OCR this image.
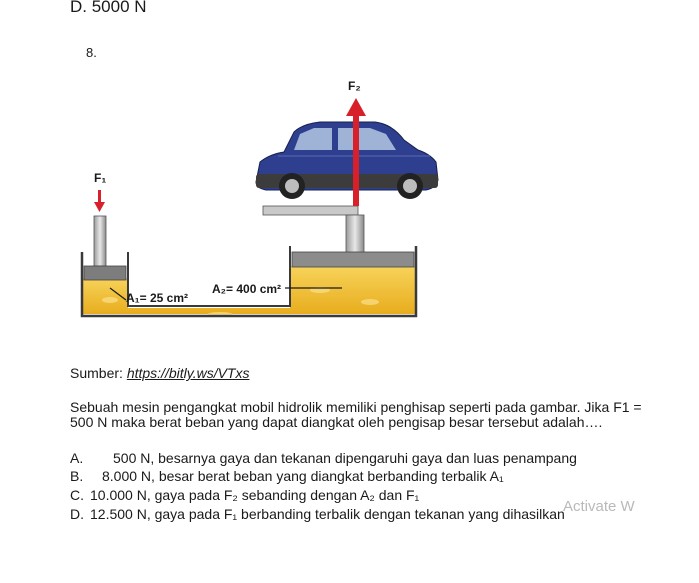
D. 5000 N
8.
F₂
F₁
A₁= 25 cm²
A₂= 400 cm²
Sumber: https://bitly.ws/VTxs
Sebuah mesin pengangkat mobil hidrolik memiliki penghisap seperti pada gambar. Jika F1 = 500 N maka berat beban yang dapat diangkat oleh pengisap besar tersebut adalah….
A. 500 N, besarnya gaya dan tekanan dipengaruhi gaya dan luas penampang
B. 8.000 N, besar berat beban yang diangkat berbanding terbalik A₁
C. 10.000 N, gaya pada F₂ sebanding dengan A₂ dan F₁
D. 12.500 N, gaya pada F₁ berbanding terbalik dengan tekanan yang dihasilkan
Activate W
